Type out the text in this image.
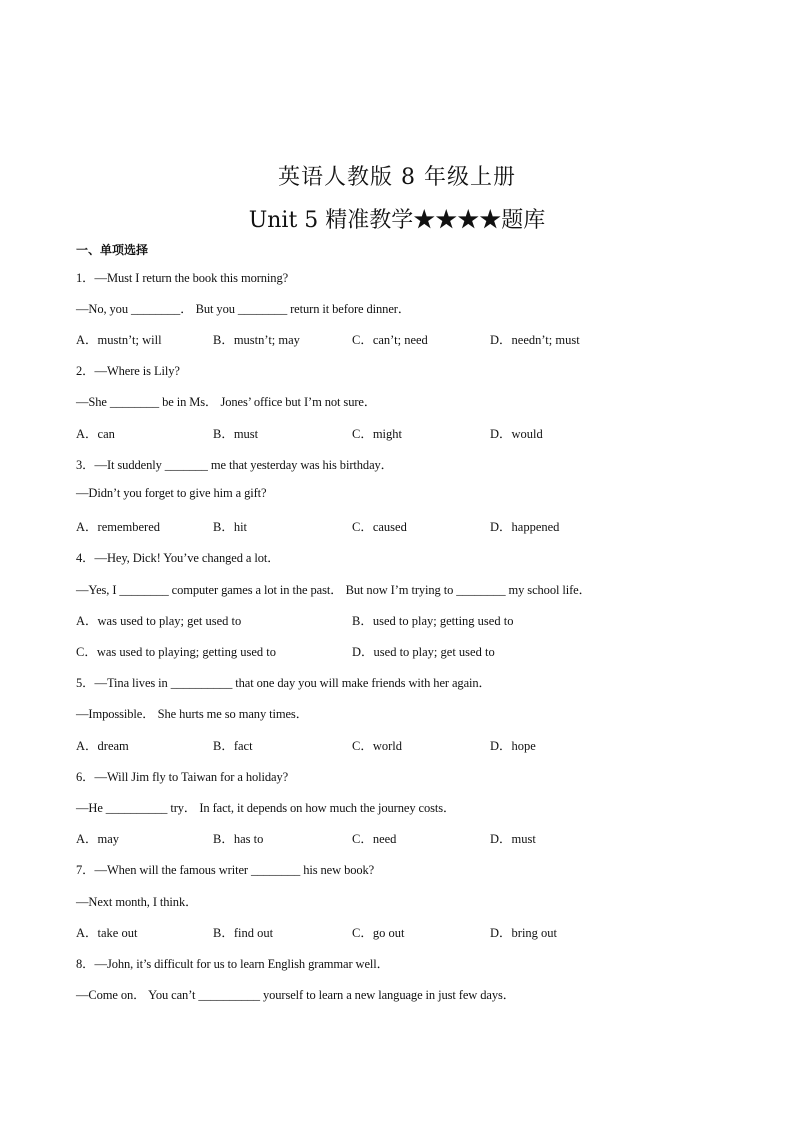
英语人教版 8 年级上册
Unit 5 精准教学★★★★题库
一、单项选择
1．—Must I return the book this morning?
—No, you ________． But you ________ return it before dinner．
A．mustn’t; will	B．mustn’t; may	C．can’t; need	D．needn’t; must
2．—Where is Lily?
—She ________ be in Ms． Jones’ office but I’m not sure．
A．can	B．must	C．might	D．would
3．—It suddenly _______ me that yesterday was his birthday．
—Didn’t you forget to give him a gift?
A．remembered	B．hit	C．caused	D．happened
4．—Hey, Dick! You’ve changed a lot．
—Yes, I ________ computer games a lot in the past． But now I’m trying to ________ my school life．
A．was used to play; get used to	B．used to play; getting used to
C．was used to playing; getting used to	D．used to play; get used to
5．—Tina lives in __________ that one day you will make friends with her again．
—Impossible． She hurts me so many times．
A．dream	B．fact	C．world	D．hope
6．—Will Jim fly to Taiwan for a holiday?
—He __________ try． In fact, it depends on how much the journey costs．
A．may	B．has to	C．need	D．must
7．—When will the famous writer ________ his new book?
—Next month, I think．
A．take out	B．find out	C．go out	D．bring out
8．—John, it’s difficult for us to learn English grammar well．
—Come on． You can’t __________ yourself to learn a new language in just few days．
